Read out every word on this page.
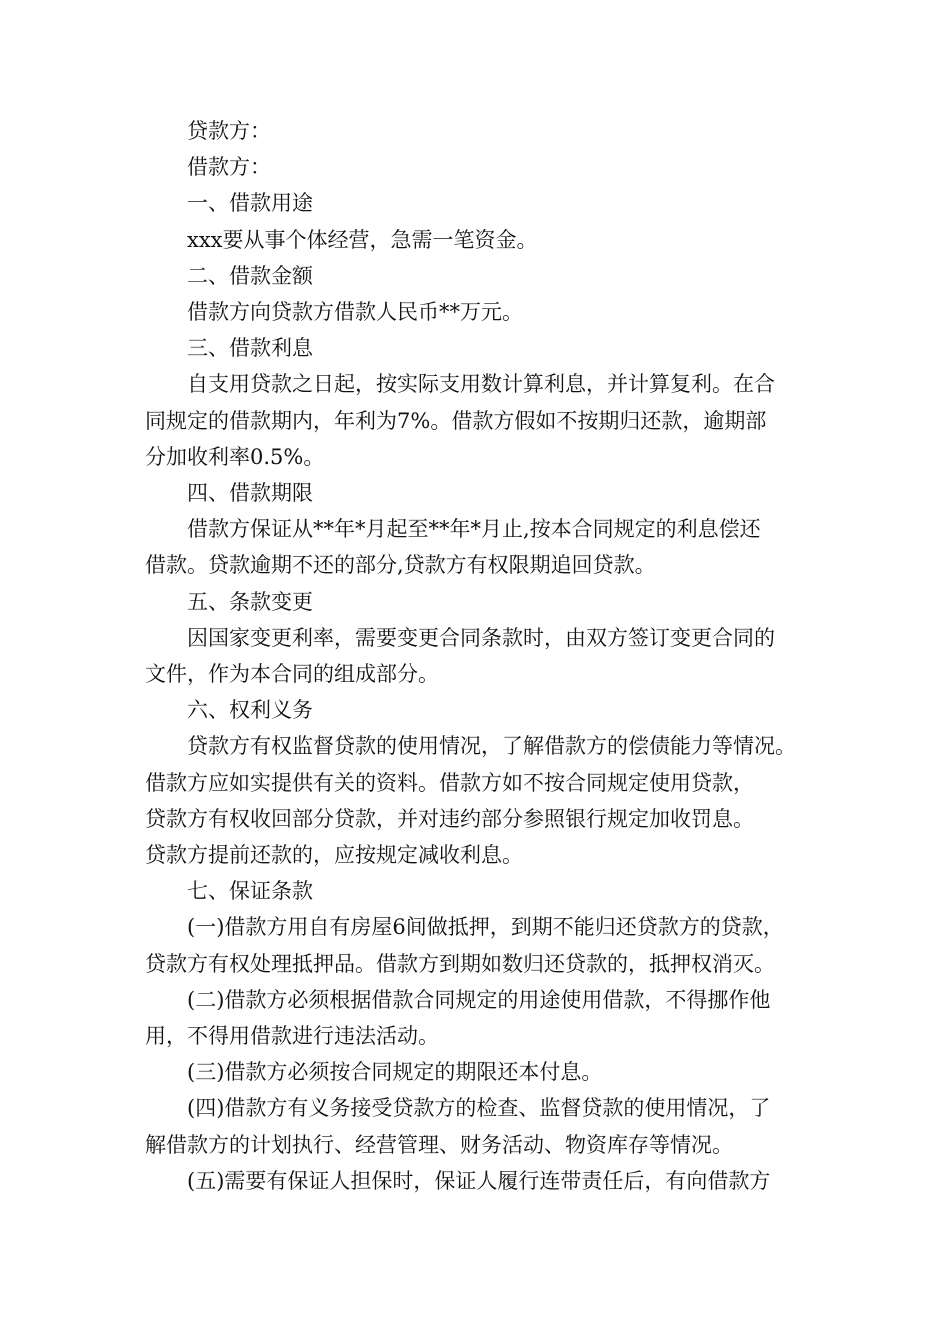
贷款方：

借款方：

一、借款用途

xxx要从事个体经营，急需一笔资金。

二、借款金额

借款方向贷款方借款人民币**万元。

三、借款利息

自支用贷款之日起，按实际支用数计算利息，并计算复利。在合
同规定的借款期内，年利为7%。借款方假如不按期归还款，逾期部
分加收利率0.5%。

四、借款期限

借款方保证从**年*月起至**年*月止,按本合同规定的利息偿还
借款。贷款逾期不还的部分,贷款方有权限期追回贷款。

五、条款变更

因国家变更利率，需要变更合同条款时，由双方签订变更合同的
文件，作为本合同的组成部分。

六、权利义务

贷款方有权监督贷款的使用情况，了解借款方的偿债能力等情况。
借款方应如实提供有关的资料。借款方如不按合同规定使用贷款，
贷款方有权收回部分贷款，并对违约部分参照银行规定加收罚息。
贷款方提前还款的，应按规定减收利息。

七、保证条款

(一)借款方用自有房屋6间做抵押，到期不能归还贷款方的贷款，
贷款方有权处理抵押品。借款方到期如数归还贷款的，抵押权消灭。

(二)借款方必须根据借款合同规定的用途使用借款，不得挪作他
用，不得用借款进行违法活动。

(三)借款方必须按合同规定的期限还本付息。

(四)借款方有义务接受贷款方的检查、监督贷款的使用情况，了
解借款方的计划执行、经营管理、财务活动、物资库存等情况。

(五)需要有保证人担保时，保证人履行连带责任后，有向借款方
